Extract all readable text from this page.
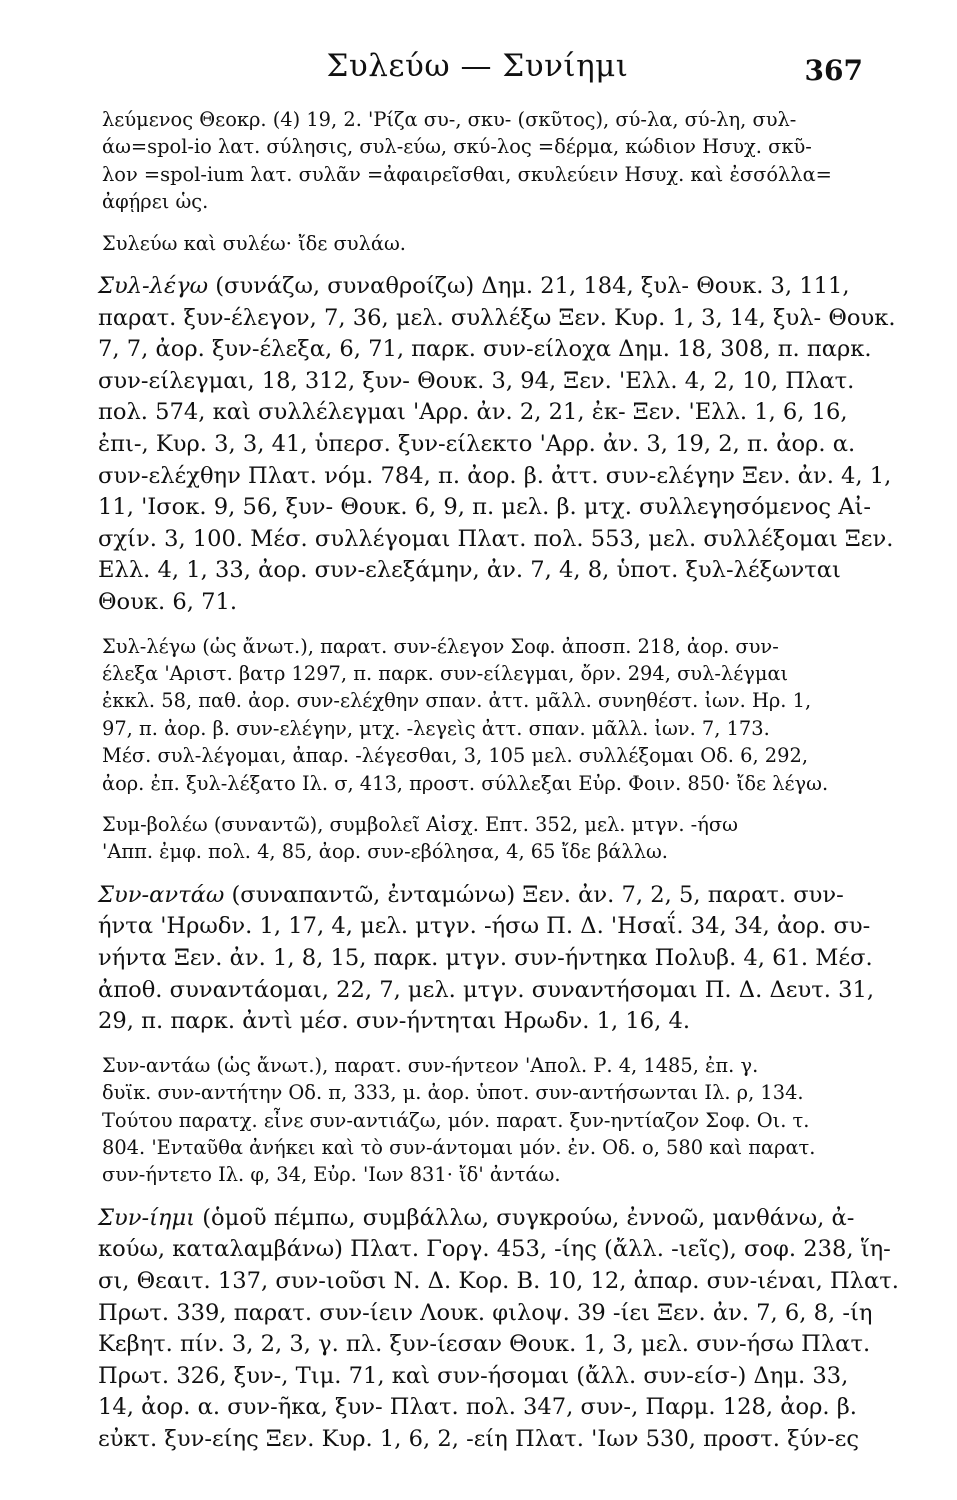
Συλεύω — Συνίημι	367
λεύμενος Θεοκρ. (4) 19, 2. 'Ρίζα συ-, σκυ- (σκῦτος), σύ-λα, σύ-λη, συλ-
άω=spol-io λατ. σύλησις, συλ-εύω, σκύ-λος =δέρμα, κώδιον Ησυχ. σκῦ-
λον =spol-ium λατ. συλᾶν =ἀφαιρεῖσθαι, σκυλεύειν Ησυχ. καὶ ἐσσόλλα=
ἀφῄρει ὡς.
Συλεύω καὶ συλέω· ἴδε συλάω.
Συλ-λέγω (συνάζω, συναθροίζω) Δημ. 21, 184, ξυλ- Θουκ. 3, 111,
παρατ. ξυν-έλεγον, 7, 36, μελ. συλλέξω Ξεν. Κυρ. 1, 3, 14, ξυλ- Θουκ.
7, 7, ἀορ. ξυν-έλεξα, 6, 71, παρκ. συν-είλοχα Δημ. 18, 308, π. παρκ.
συν-είλεγμαι, 18, 312, ξυν- Θουκ. 3, 94, Ξεν. 'Ελλ. 4, 2, 10, Πλατ.
πολ. 574, καὶ συλλέλεγμαι 'Αρρ. ἀν. 2, 21, ἐκ- Ξεν. 'Ελλ. 1, 6, 16,
ἐπι-, Κυρ. 3, 3, 41, ὑπερσ. ξυν-είλεκτο 'Αρρ. ἀν. 3, 19, 2, π. ἀορ. α.
συν-ελέχθην Πλατ. νόμ. 784, π. ἀορ. β. ἀττ. συν-ελέγην Ξεν. ἀν. 4, 1,
11, 'Ισοκ. 9, 56, ξυν- Θουκ. 6, 9, π. μελ. β. μτχ. συλλεγησόμενος Αἰ-
σχίν. 3, 100. Μέσ. συλλέγομαι Πλατ. πολ. 553, μελ. συλλέξομαι Ξεν.
Ελλ. 4, 1, 33, ἀορ. συν-ελεξάμην, ἀν. 7, 4, 8, ὑποτ. ξυλ-λέξωνται
Θουκ. 6, 71.
Συλ-λέγω (ὡς ἄνωτ.), παρατ. συν-έλεγον Σοφ. ἀποσπ. 218, ἀορ. συν-
έλεξα 'Αριστ. βατρ 1297, π. παρκ. συν-είλεγμαι, ὄρν. 294, συλ-λέγμαι
ἐκκλ. 58, παθ. ἀορ. συν-ελέχθην σπαν. ἀττ. μᾶλλ. συνηθέστ. ἰων. Ηρ. 1,
97, π. ἀορ. β. συν-ελέγην, μτχ. -λεγεὶς ἀττ. σπαν. μᾶλλ. ἰων. 7, 173.
Μέσ. συλ-λέγομαι, ἀπαρ. -λέγεσθαι, 3, 105 μελ. συλλέξομαι Οδ. 6, 292,
ἀορ. ἐπ. ξυλ-λέξατο Ιλ. σ, 413, προστ. σύλλεξαι Εὐρ. Φοιν. 850· ἴδε λέγω.
Συμ-βολέω (συναντῶ), συμβολεῖ Αἰσχ. Επτ. 352, μελ. μτγν. -ήσω
'Αππ. ἐμφ. πολ. 4, 85, ἀορ. συν-εβόλησα, 4, 65 ἴδε βάλλω.
Συν-αντάω (συναπαντῶ, ἐνταμώνω) Ξεν. ἀν. 7, 2, 5, παρατ. συν-
ήντα 'Ηρωδν. 1, 17, 4, μελ. μτγν. -ήσω Π. Δ. 'Ησαΐ. 34, 34, ἀορ. συ-
νήντα Ξεν. ἀν. 1, 8, 15, παρκ. μτγν. συν-ήντηκα Πολυβ. 4, 61. Μέσ.
ἀποθ. συναντάομαι, 22, 7, μελ. μτγν. συναντήσομαι Π. Δ. Δευτ. 31,
29, π. παρκ. ἀντὶ μέσ. συν-ήντηται Ηρωδν. 1, 16, 4.
Συν-αντάω (ὡς ἄνωτ.), παρατ. συν-ήντεον 'Απολ. Ρ. 4, 1485, ἐπ. γ.
δυϊκ. συν-αντήτην Οδ. π, 333, μ. ἀορ. ὑποτ. συν-αντήσωνται Ιλ. ρ, 134.
Τούτου παρατχ. εἶνε συν-αντιάζω, μόν. παρατ. ξυν-ηντίαζον Σοφ. Οι. τ.
804. 'Ενταῦθα ἀνήκει καὶ τὸ συν-άντομαι μόν. ἐν. Οδ. ο, 580 καὶ παρατ.
συν-ήντετο Ιλ. φ, 34, Εὐρ. 'Ιων 831· ἴδ' ἀντάω.
Συν-ίημι (ὁμοῦ πέμπω, συμβάλλω, συγκρούω, ἐννοῶ, μανθάνω, ἀ-
κούω, καταλαμβάνω) Πλατ. Γοργ. 453, -ίης (ἄλλ. -ιεῖς), σοφ. 238, ἵη-
σι, Θεαιτ. 137, συν-ιοῦσι Ν. Δ. Κορ. Β. 10, 12, ἀπαρ. συν-ιέναι, Πλατ.
Πρωτ. 339, παρατ. συν-ίειν Λουκ. φιλοψ. 39 -ίει Ξεν. ἀν. 7, 6, 8, -ίη
Κεβητ. πίν. 3, 2, 3, γ. πλ. ξυν-ίεσαν Θουκ. 1, 3, μελ. συν-ήσω Πλατ.
Πρωτ. 326, ξυν-, Τιμ. 71, καὶ συν-ήσομαι (ἄλλ. συν-είσ-) Δημ. 33,
14, ἀορ. α. συν-ῆκα, ξυν- Πλατ. πολ. 347, συν-, Παρμ. 128, ἀορ. β.
εὐκτ. ξυν-είης Ξεν. Κυρ. 1, 6, 2, -είη Πλατ. 'Ιων 530, προστ. ξύν-ες
